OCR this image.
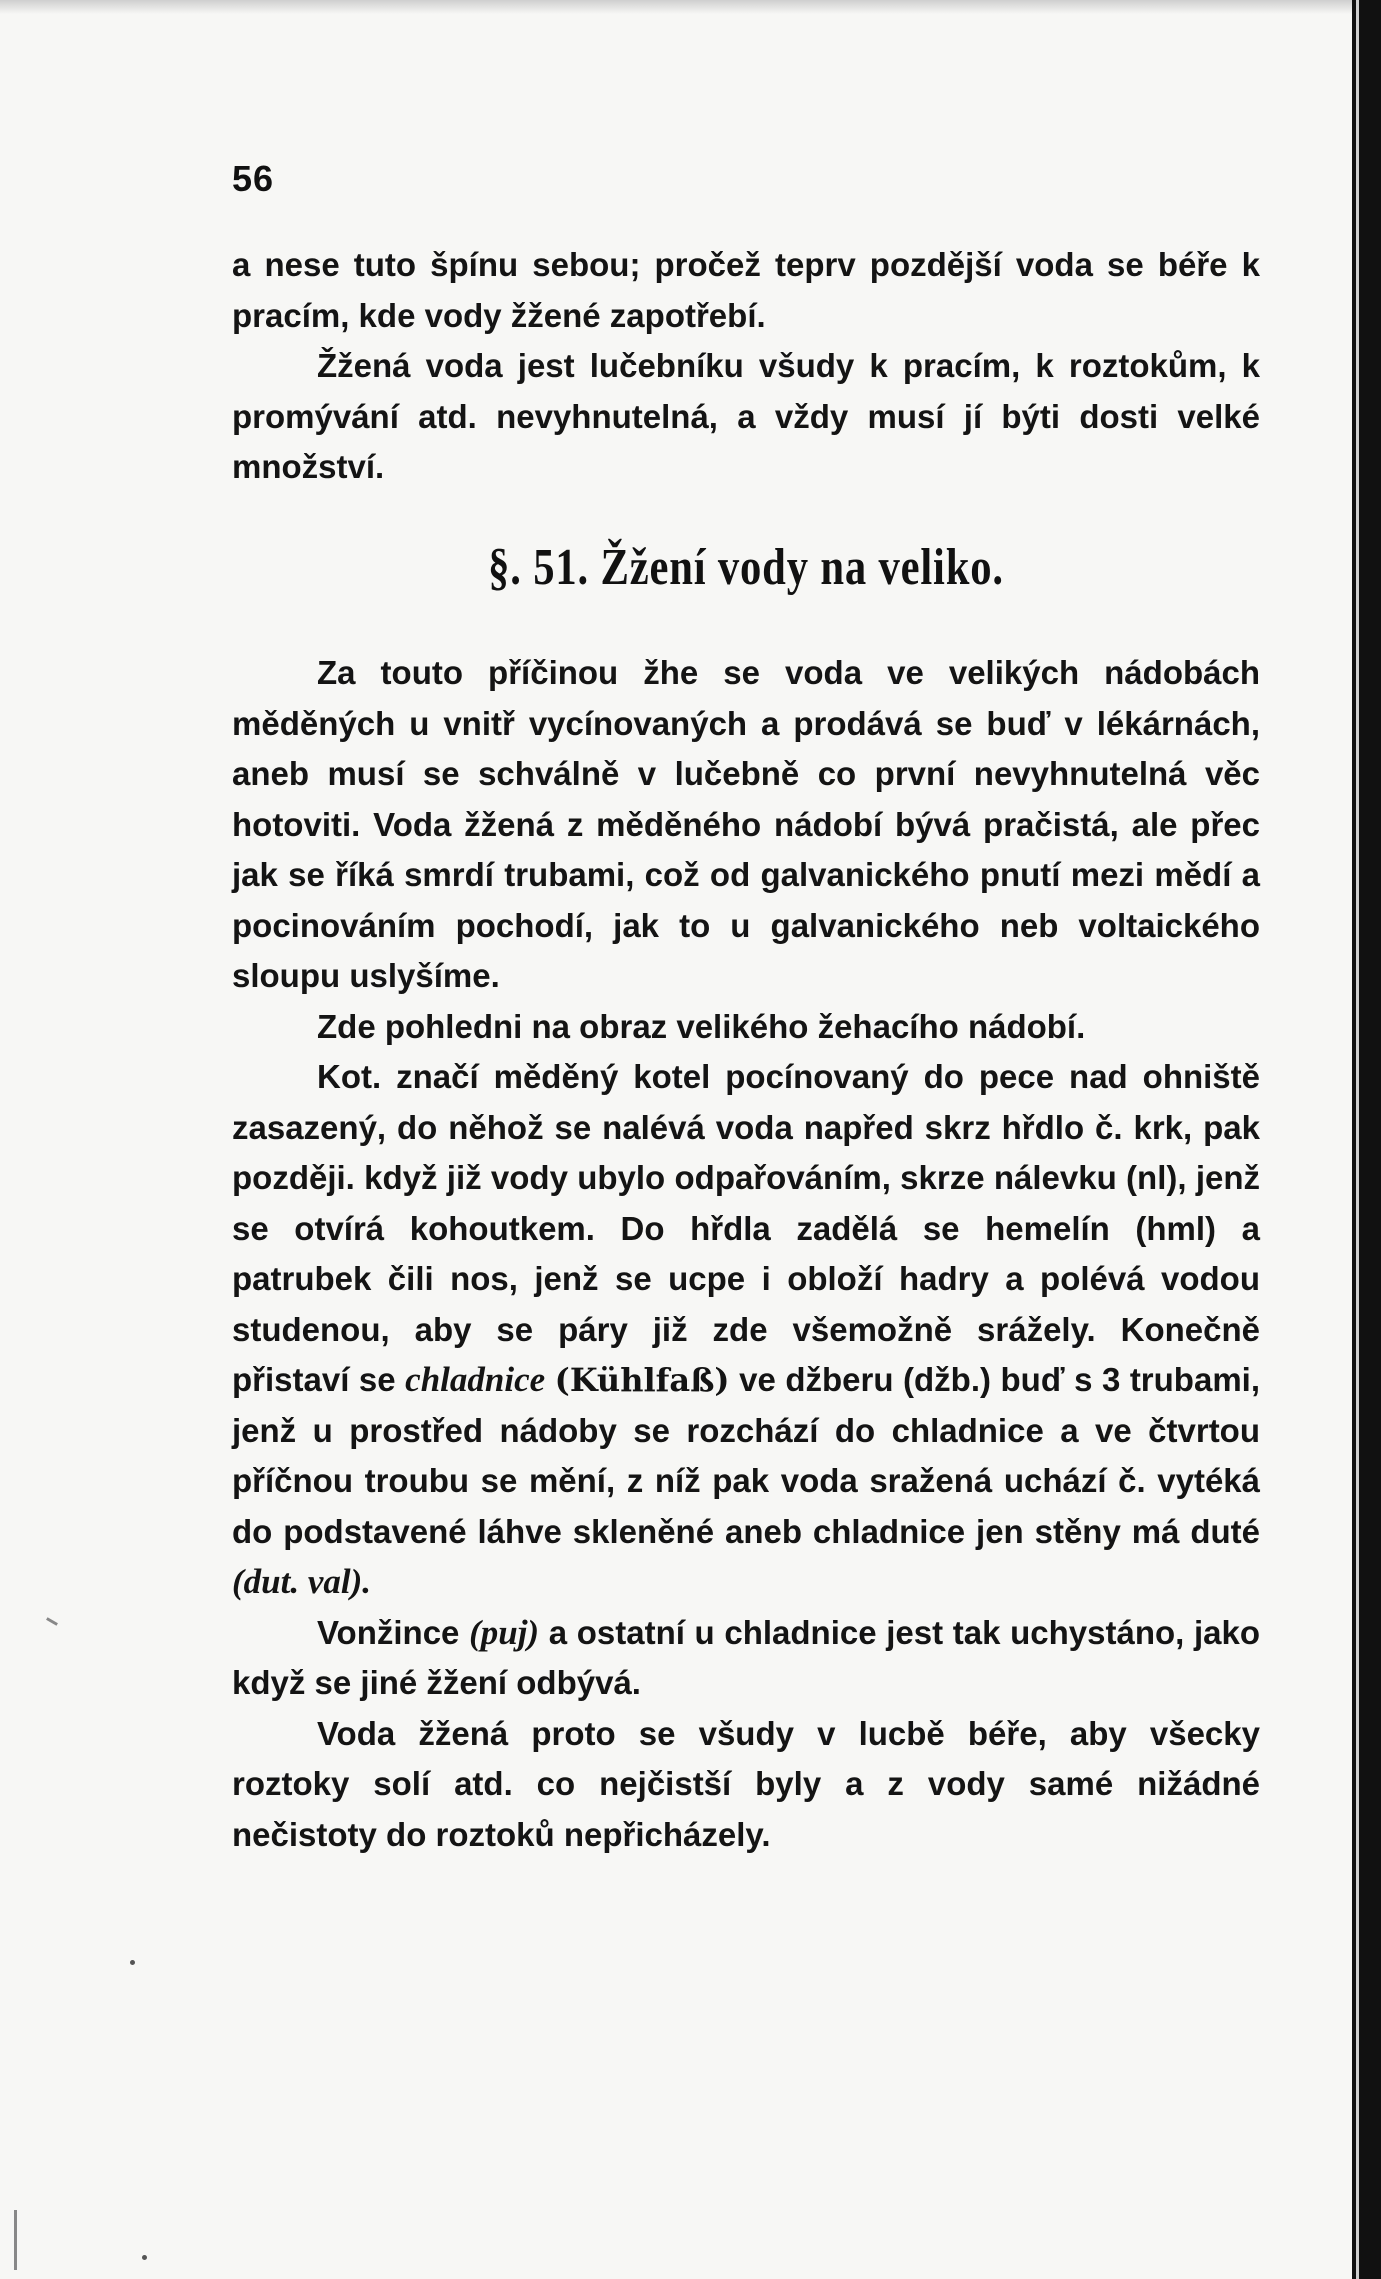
56

a nese tuto špínu sebou; pročež teprv pozdější voda se béře k pracím, kde vody žžené zapotřebí.

Žžená voda jest lučebníku všudy k pracím, k roztokům, k promývání atd. nevyhnutelná, a vždy musí jí býti dosti velké množství.

§. 51. Žžení vody na veliko.

Za touto příčinou žhe se voda ve velikých nádobách měděných u vnitř vycínovaných a prodává se buď v lékárnách, aneb musí se schválně v lučebně co první nevyhnutelná věc hotoviti. Voda žžená z měděného nádobí bývá pračistá, ale přec jak se říká smrdí trubami, což od galvanického pnutí mezi mědí a pocinováním pochodí, jak to u galvanického neb voltaického sloupu uslyšíme.

Zde pohledni na obraz velikého žehacího nádobí.

Kot. značí měděný kotel pocínovaný do pece nad ohniště zasazený, do něhož se nalévá voda napřed skrz hřdlo č. krk, pak později. když již vody ubylo odpařováním, skrze nálevku (nl), jenž se otvírá kohoutkem. Do hřdla zadělá se hemelín (hml) a patrubek čili nos, jenž se ucpe i obloží hadry a polévá vodou studenou, aby se páry již zde všemožně srážely. Konečně přistaví se chladnice (Kühlfaß) ve džberu (džb.) buď s 3 trubami, jenž u prostřed nádoby se rozchází do chladnice a ve čtvrtou příčnou troubu se mění, z níž pak voda sražená uchází č. vytéká do podstavené láhve skleněné aneb chladnice jen stěny má duté (dut. val).

Vonžince (puj) a ostatní u chladnice jest tak uchystáno, jako když se jiné žžení odbývá.

Voda žžená proto se všudy v lucbě béře, aby všecky roztoky solí atd. co nejčistší byly a z vody samé nižádné nečistoty do roztoků nepřicházely.
